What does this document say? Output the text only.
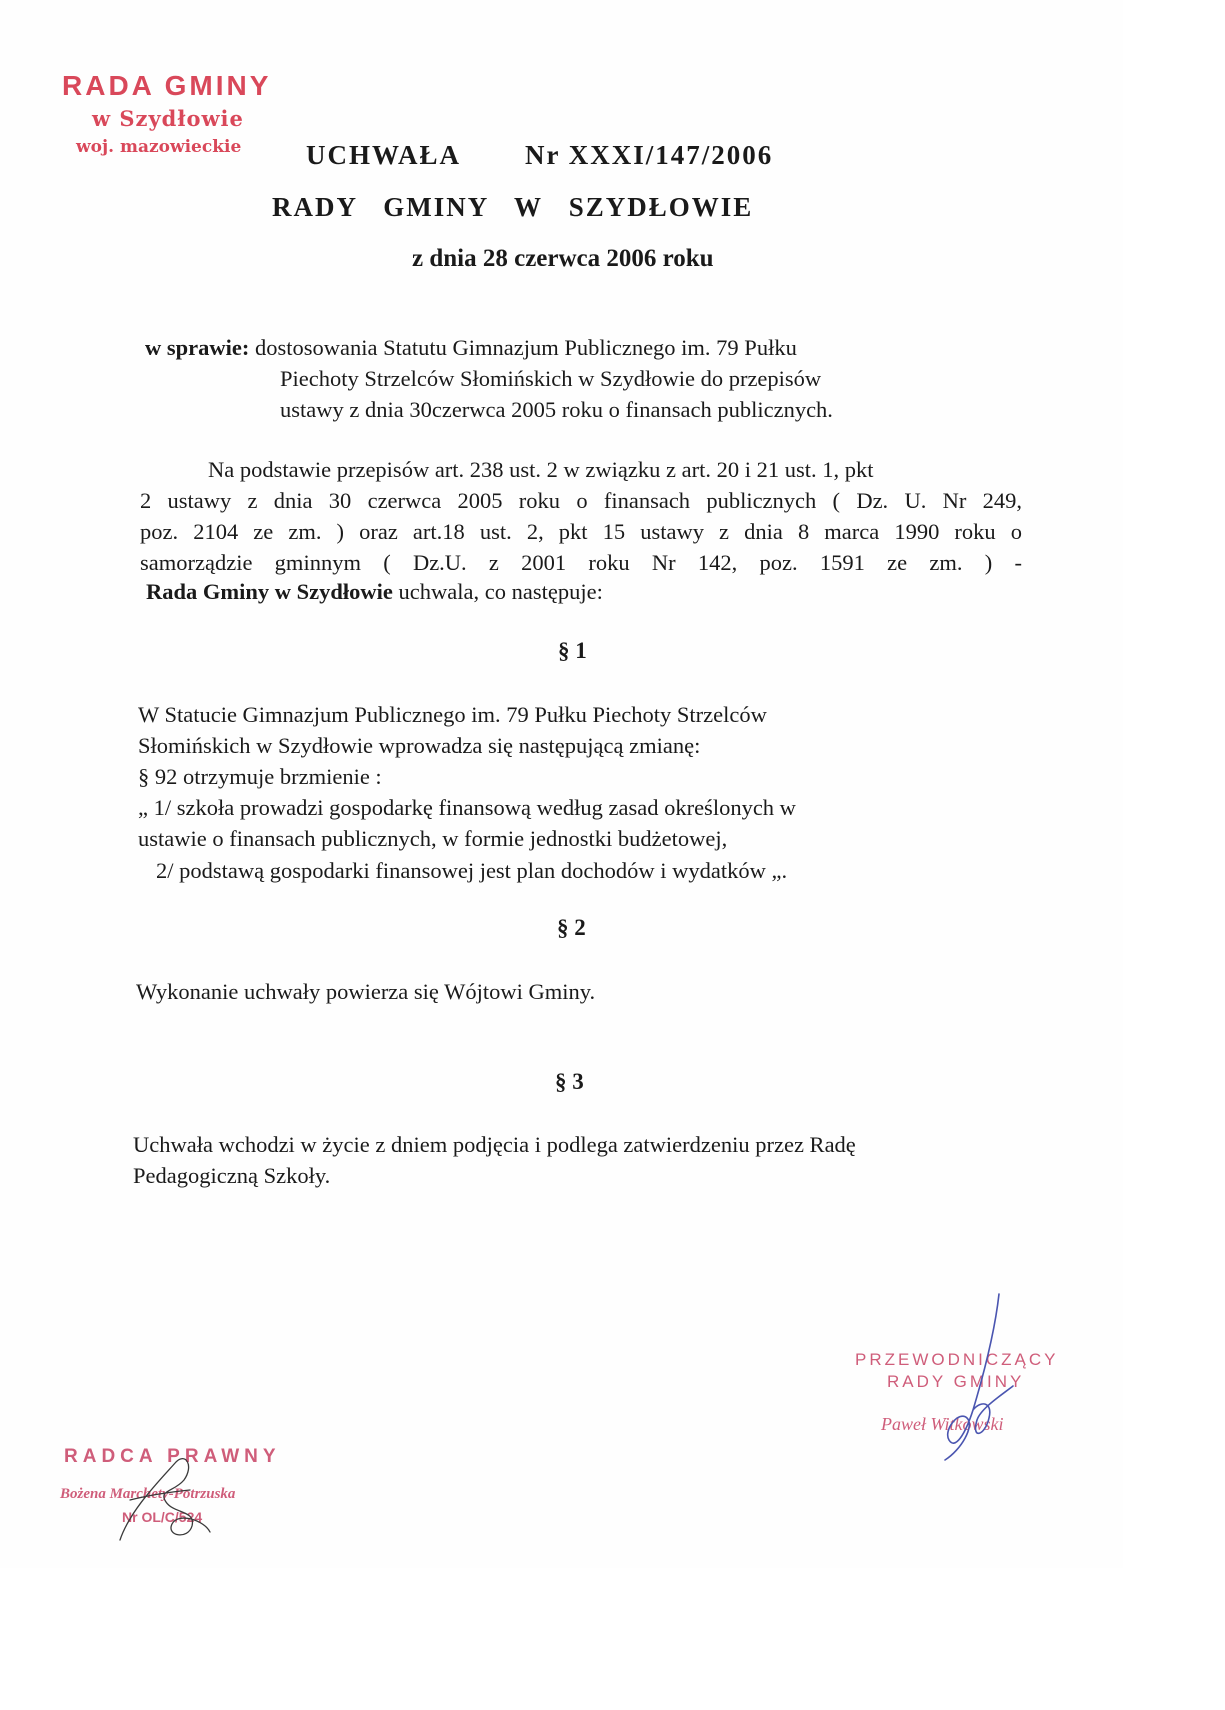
RADA GMINY
w Szydłowie
woj. mazowieckie	UCHWAŁA Nr XXXI/147/2006
RADY   GMINY   W   SZYDŁOWIE
z dnia 28 czerwca 2006 roku
w sprawie: dostosowania Statutu Gimnazjum Publicznego im. 79 Pułku
Piechoty Strzelców Słomińskich w Szydłowie do przepisów
ustawy z dnia 30czerwca 2005 roku o finansach publicznych.
Na podstawie przepisów art. 238 ust. 2 w związku z art. 20 i 21 ust. 1, pkt
2 ustawy z dnia 30 czerwca 2005 roku o finansach publicznych ( Dz. U. Nr 249,
poz. 2104 ze zm. ) oraz art.18 ust. 2, pkt 15 ustawy z dnia 8 marca 1990 roku o
samorządzie gminnym ( Dz.U. z 2001 roku Nr 142, poz. 1591 ze zm. ) -
Rada Gminy w Szydłowie uchwala, co następuje:
§ 1
W Statucie Gimnazjum Publicznego im. 79 Pułku Piechoty Strzelców
Słomińskich w Szydłowie wprowadza się następującą zmianę:
§ 92 otrzymuje brzmienie :
„ 1/ szkoła prowadzi gospodarkę finansową według zasad określonych w
ustawie o finansach publicznych, w formie jednostki budżetowej,
2/ podstawą gospodarki finansowej jest plan dochodów i wydatków „.
§ 2
Wykonanie uchwały powierza się Wójtowi Gminy.
§ 3
Uchwała wchodzi w życie z dniem podjęcia i podlega zatwierdzeniu przez Radę
Pedagogiczną Szkoły.
PRZEWODNICZĄCY
RADY GMINY
Paweł Witkowski
RADCA PRAWNY
Bożena Marchety-Potrzuska
Nr OL/C/524
